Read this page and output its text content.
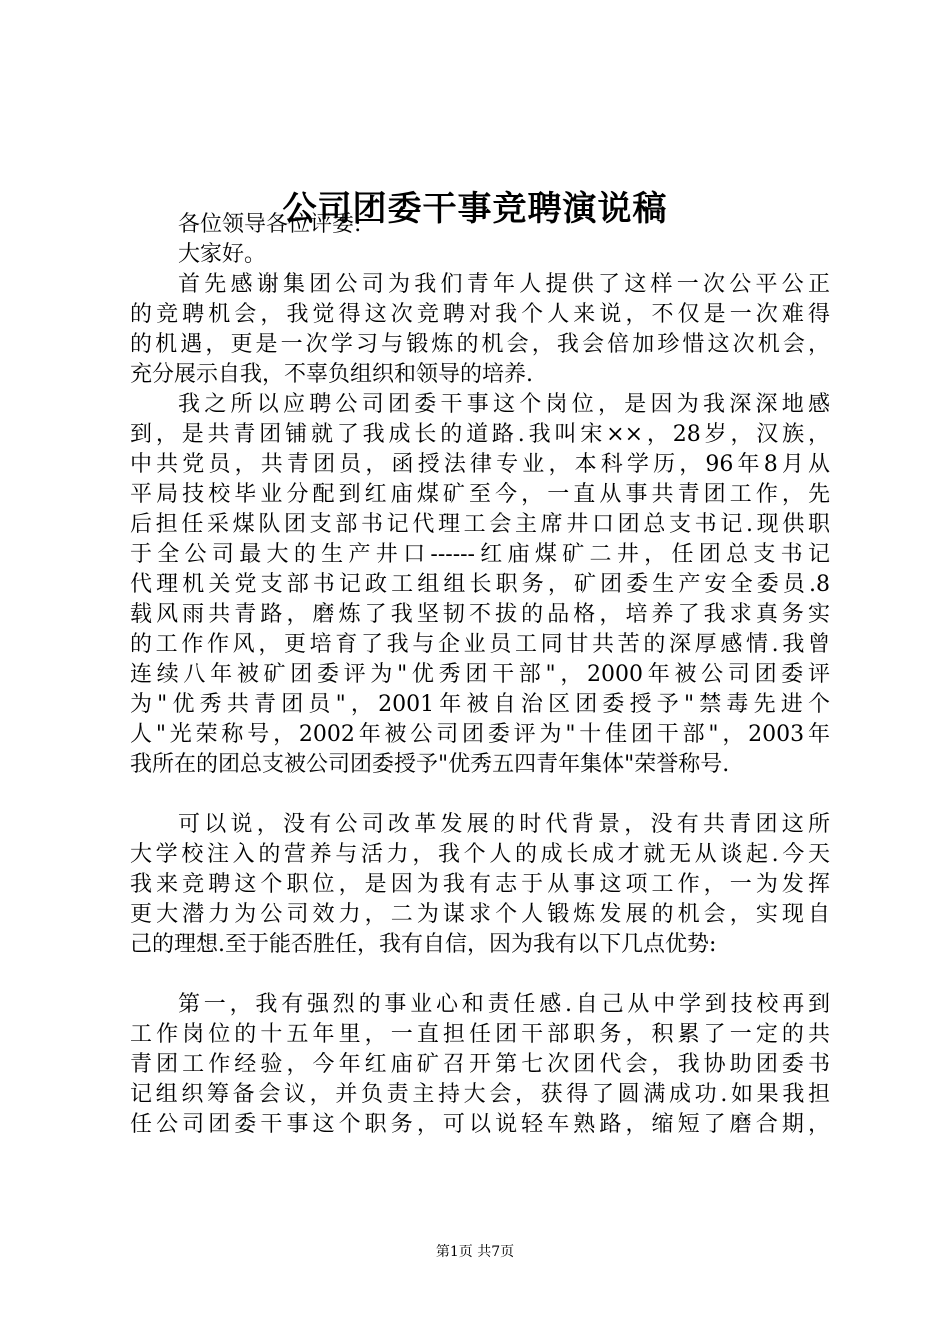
公司团委干事竞聘演说稿
各位领导各位评委:
大家好。
首先感谢集团公司为我们青年人提供了这样一次公平公正
的竞聘机会，我觉得这次竞聘对我个人来说，不仅是一次难得
的机遇，更是一次学习与锻炼的机会，我会倍加珍惜这次机会，
充分展示自我，不辜负组织和领导的培养.
我之所以应聘公司团委干事这个岗位，是因为我深深地感
到，是共青团铺就了我成长的道路.我叫宋××，28岁，汉族，
中共党员，共青团员，函授法律专业，本科学历，96年8月从
平局技校毕业分配到红庙煤矿至今，一直从事共青团工作，先
后担任采煤队团支部书记代理工会主席井口团总支书记.现供职
于全公司最大的生产井口------红庙煤矿二井，任团总支书记
代理机关党支部书记政工组组长职务，矿团委生产安全委员.8
载风雨共青路，磨炼了我坚韧不拔的品格，培养了我求真务实
的工作作风，更培育了我与企业员工同甘共苦的深厚感情.我曾
连续八年被矿团委评为"优秀团干部"，2000年被公司团委评
为"优秀共青团员"，2001年被自治区团委授予"禁毒先进个
人"光荣称号，2002年被公司团委评为"十佳团干部"，2003年
我所在的团总支被公司团委授予"优秀五四青年集体"荣誉称号.
可以说，没有公司改革发展的时代背景，没有共青团这所
大学校注入的营养与活力，我个人的成长成才就无从谈起.今天
我来竞聘这个职位，是因为我有志于从事这项工作，一为发挥
更大潜力为公司效力，二为谋求个人锻炼发展的机会，实现自
己的理想.至于能否胜任，我有自信，因为我有以下几点优势:
第一，我有强烈的事业心和责任感.自己从中学到技校再到
工作岗位的十五年里，一直担任团干部职务，积累了一定的共
青团工作经验，今年红庙矿召开第七次团代会，我协助团委书
记组织筹备会议，并负责主持大会，获得了圆满成功.如果我担
任公司团委干事这个职务，可以说轻车熟路，缩短了磨合期，
第1页 共7页
